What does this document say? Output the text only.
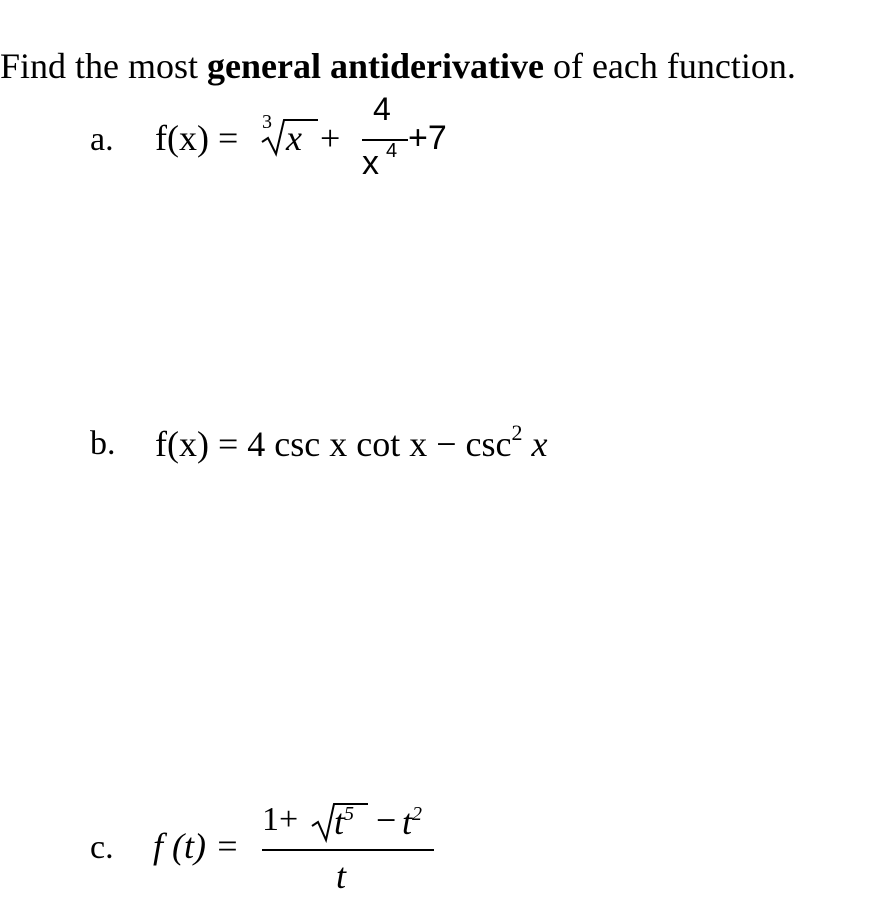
Find the most general antiderivative of each function.
a. f(x) = 3 x +
4
x 4 +7
b. f(x) = 4 csc x $\cot x - \csc^2 x$
c. f (t) =
$1+ t^5 - t^2$
t
